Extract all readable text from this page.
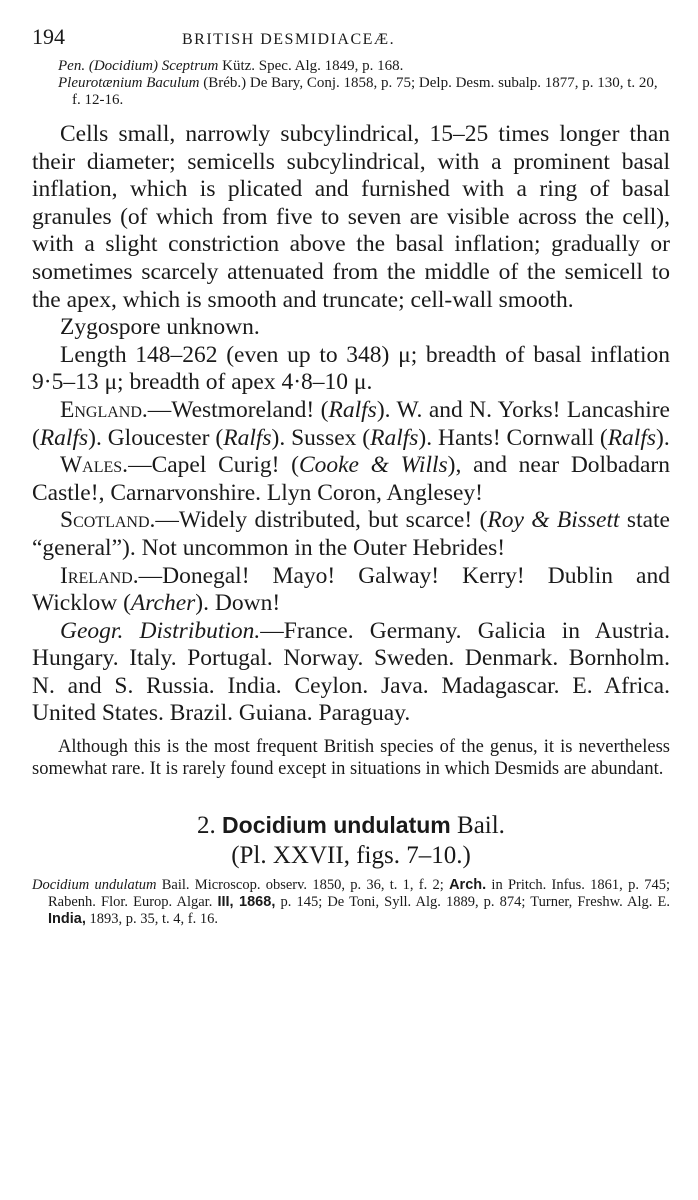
194	BRITISH DESMIDIACEÆ.

Pen. (Docidium) Sceptrum Kütz. Spec. Alg. 1849, p. 168.

Pleurotænium Baculum (Bréb.) De Bary, Conj. 1858, p. 75; Delp. Desm. subalp. 1877, p. 130, t. 20, f. 12-16.

Cells small, narrowly subcylindrical, 15–25 times longer than their diameter; semicells subcylindrical, with a prominent basal inflation, which is plicated and furnished with a ring of basal granules (of which from five to seven are visible across the cell), with a slight constriction above the basal inflation; gradually or sometimes scarcely attenuated from the middle of the semicell to the apex, which is smooth and truncate; cell-wall smooth.

Zygospore unknown.

Length 148–262 (even up to 348) μ; breadth of basal inflation 9·5–13 μ; breadth of apex 4·8–10 μ.

England.—Westmoreland! (Ralfs). W. and N. Yorks! Lancashire (Ralfs). Gloucester (Ralfs). Sussex (Ralfs). Hants! Cornwall (Ralfs).

Wales.—Capel Curig! (Cooke & Wills), and near Dolbadarn Castle!, Carnarvonshire. Llyn Coron, Anglesey!

Scotland.—Widely distributed, but scarce! (Roy & Bissett state “general”). Not uncommon in the Outer Hebrides!

Ireland.—Donegal! Mayo! Galway! Kerry! Dublin and Wicklow (Archer). Down!

Geogr. Distribution.—France. Germany. Galicia in Austria. Hungary. Italy. Portugal. Norway. Sweden. Denmark. Bornholm. N. and S. Russia. India. Ceylon. Java. Madagascar. E. Africa. United States. Brazil. Guiana. Paraguay.

Although this is the most frequent British species of the genus, it is nevertheless somewhat rare. It is rarely found except in situations in which Desmids are abundant.

2. Docidium undulatum Bail.
(Pl. XXVII, figs. 7–10.)
Docidium undulatum Bail. Microscop. observ. 1850, p. 36, t. 1, f. 2; Arch. in Pritch. Infus. 1861, p. 745; Rabenh. Flor. Europ. Algar. III, 1868, p. 145; De Toni, Syll. Alg. 1889, p. 874; Turner, Freshw. Alg. E. India, 1893, p. 35, t. 4, f. 16.
